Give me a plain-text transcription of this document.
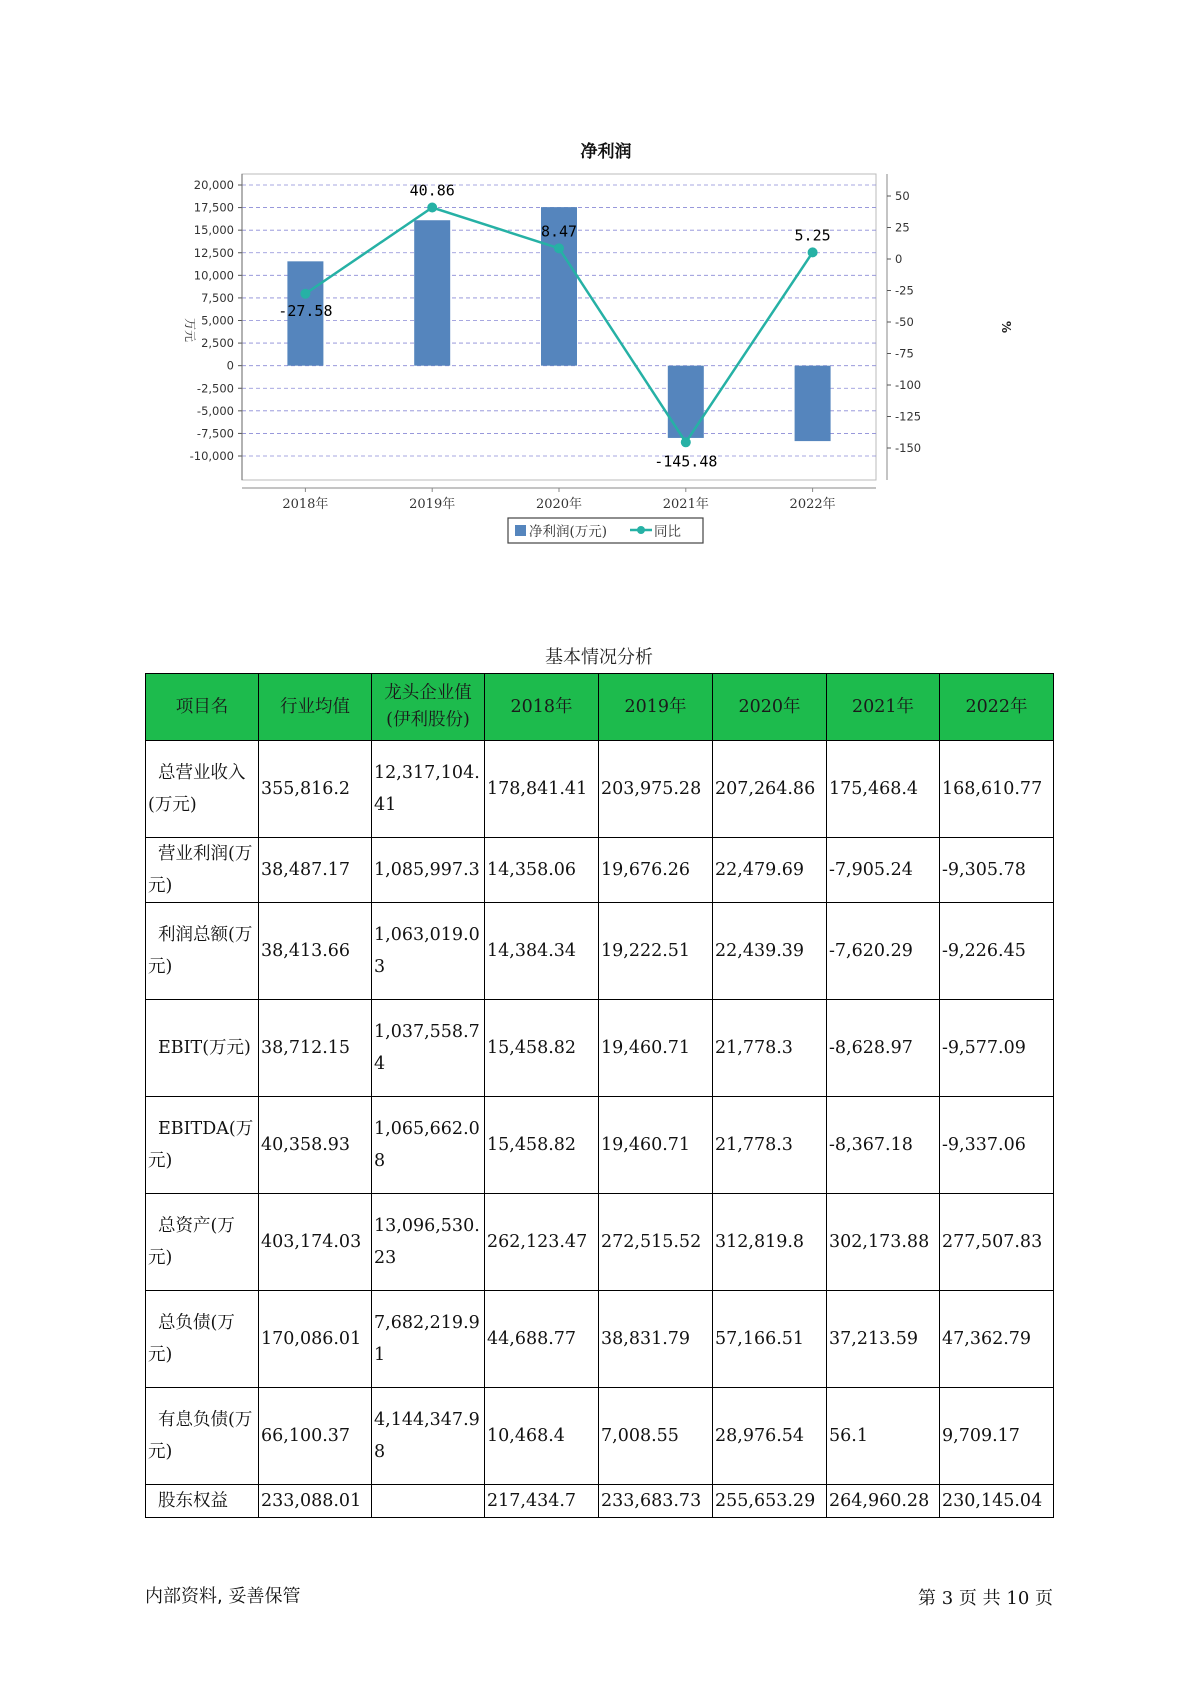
净利润
20,000
17,500
15,000
12,500
10,000
7,500
5,000
2,500
0
-2,500
-5,000
-7,500
-10,000
50
25
0
-25
-50
-75
-100
-125
-150
2018年	2019年	2020年	2021年	2022年
-27.58
40.86
8.47
-145.48
5.25
万元	%
净利润(万元)	同比
基本情况分析
项目名	行业均值	龙头企业值(伊利股份)	2018年	2019年	2020年	2021年	2022年
总营业收入(万元)	355,816.2	12,317,104.41	178,841.41	203,975.28	207,264.86	175,468.4	168,610.77
营业利润(万元)	38,487.17	1,085,997.3	14,358.06	19,676.26	22,479.69	-7,905.24	-9,305.78
利润总额(万元)	38,413.66	1,063,019.03	14,384.34	19,222.51	22,439.39	-7,620.29	-9,226.45
EBIT(万元)	38,712.15	1,037,558.74	15,458.82	19,460.71	21,778.3	-8,628.97	-9,577.09
EBITDA(万元)	40,358.93	1,065,662.08	15,458.82	19,460.71	21,778.3	-8,367.18	-9,337.06
总资产(万元)	403,174.03	13,096,530.23	262,123.47	272,515.52	312,819.8	302,173.88	277,507.83
总负债(万元)	170,086.01	7,682,219.91	44,688.77	38,831.79	57,166.51	37,213.59	47,362.79
有息负债(万元)	66,100.37	4,144,347.98	10,468.4	7,008.55	28,976.54	56.1	9,709.17
股东权益	233,088.01		217,434.7	233,683.73	255,653.29	264,960.28	230,145.04
内部资料, 妥善保管	第 3 页 共 10 页
